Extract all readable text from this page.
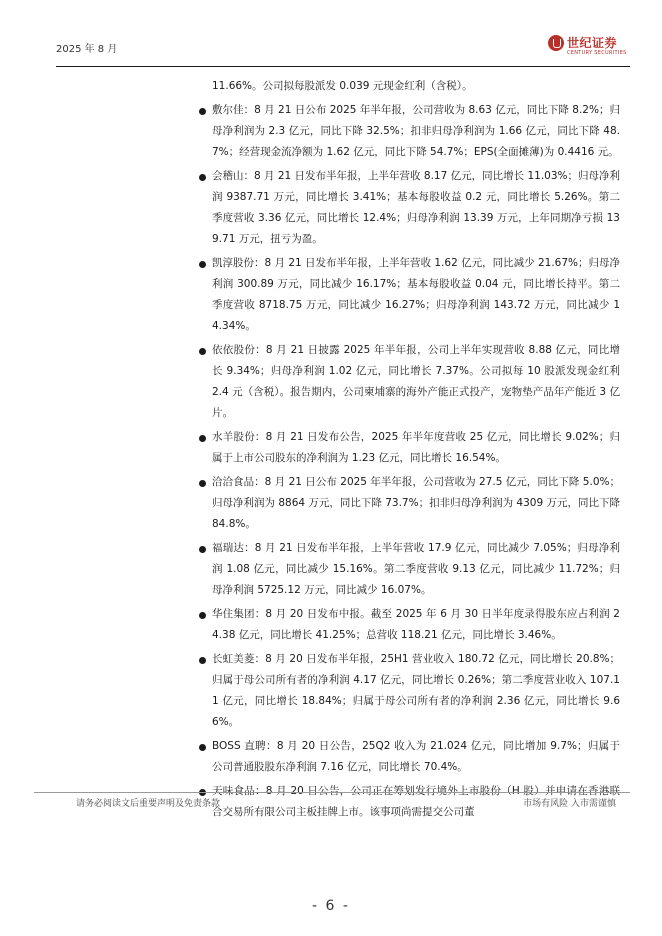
2025 年 8 月	世纪证券
CENTURY SECURITIES

11.66%。公司拟每股派发 0.039 元现金红利（含税）。

敷尔佳：8 月 21 日公布 2025 年半年报，公司营收为 8.63 亿元，同比下降 8.2%；归母净利润为 2.3 亿元，同比下降 32.5%；扣非归母净利润为 1.66 亿元，同比下降 48.7%；经营现金流净额为 1.62 亿元，同比下降 54.7%；EPS(全面摊薄)为 0.4416 元。

会稽山：8 月 21 日发布半年报，上半年营收 8.17 亿元，同比增长 11.03%；归母净利润 9387.71 万元，同比增长 3.41%；基本每股收益 0.2 元，同比增长 5.26%。第二季度营收 3.36 亿元，同比增长 12.4%；归母净利润 13.39 万元，上年同期净亏损 139.71 万元，扭亏为盈。

凯淳股份：8 月 21 日发布半年报，上半年营收 1.62 亿元，同比减少 21.67%；归母净利润 300.89 万元，同比减少 16.17%；基本每股收益 0.04 元，同比增长持平。第二季度营收 8718.75 万元，同比减少 16.27%；归母净利润 143.72 万元，同比减少 14.34%。

依依股份：8 月 21 日披露 2025 年半年报，公司上半年实现营收 8.88 亿元，同比增长 9.34%；归母净利润 1.02 亿元，同比增长 7.37%。公司拟每 10 股派发现金红利 2.4 元（含税）。报告期内，公司柬埔寨的海外产能正式投产，宠物垫产品年产能近 3 亿片。

水羊股份：8 月 21 日发布公告，2025 年半年度营收 25 亿元，同比增长 9.02%；归属于上市公司股东的净利润为 1.23 亿元，同比增长 16.54%。

洽洽食品：8 月 21 日公布 2025 年半年报，公司营收为 27.5 亿元，同比下降 5.0%；归母净利润为 8864 万元，同比下降 73.7%；扣非归母净利润为 4309 万元，同比下降 84.8%。

福瑞达：8 月 21 日发布半年报，上半年营收 17.9 亿元，同比减少 7.05%；归母净利润 1.08 亿元，同比减少 15.16%。第二季度营收 9.13 亿元，同比减少 11.72%；归母净利润 5725.12 万元，同比减少 16.07%。

华住集团：8 月 20 日发布中报。截至 2025 年 6 月 30 日半年度录得股东应占利润 24.38 亿元，同比增长 41.25%；总营收 118.21 亿元，同比增长 3.46%。

长虹美菱：8 月 20 日发布半年报，25H1 营业收入 180.72 亿元，同比增长 20.8%；归属于母公司所有者的净利润 4.17 亿元，同比增长 0.26%；第二季度营业收入 107.11 亿元，同比增长 18.84%；归属于母公司所有者的净利润 2.36 亿元，同比增长 9.66%。

BOSS 直聘：8 月 20 日公告，25Q2 收入为 21.024 亿元，同比增加 9.7%；归属于公司普通股股东净利润 7.16 亿元，同比增长 70.4%。

天味食品：8 月 20 日公告，公司正在筹划发行境外上市股份（H 股）并申请在香港联合交易所有限公司主板挂牌上市。该事项尚需提交公司董

请务必阅读文后重要声明及免责条款	市场有风险 入市需谨慎
- 6 -
